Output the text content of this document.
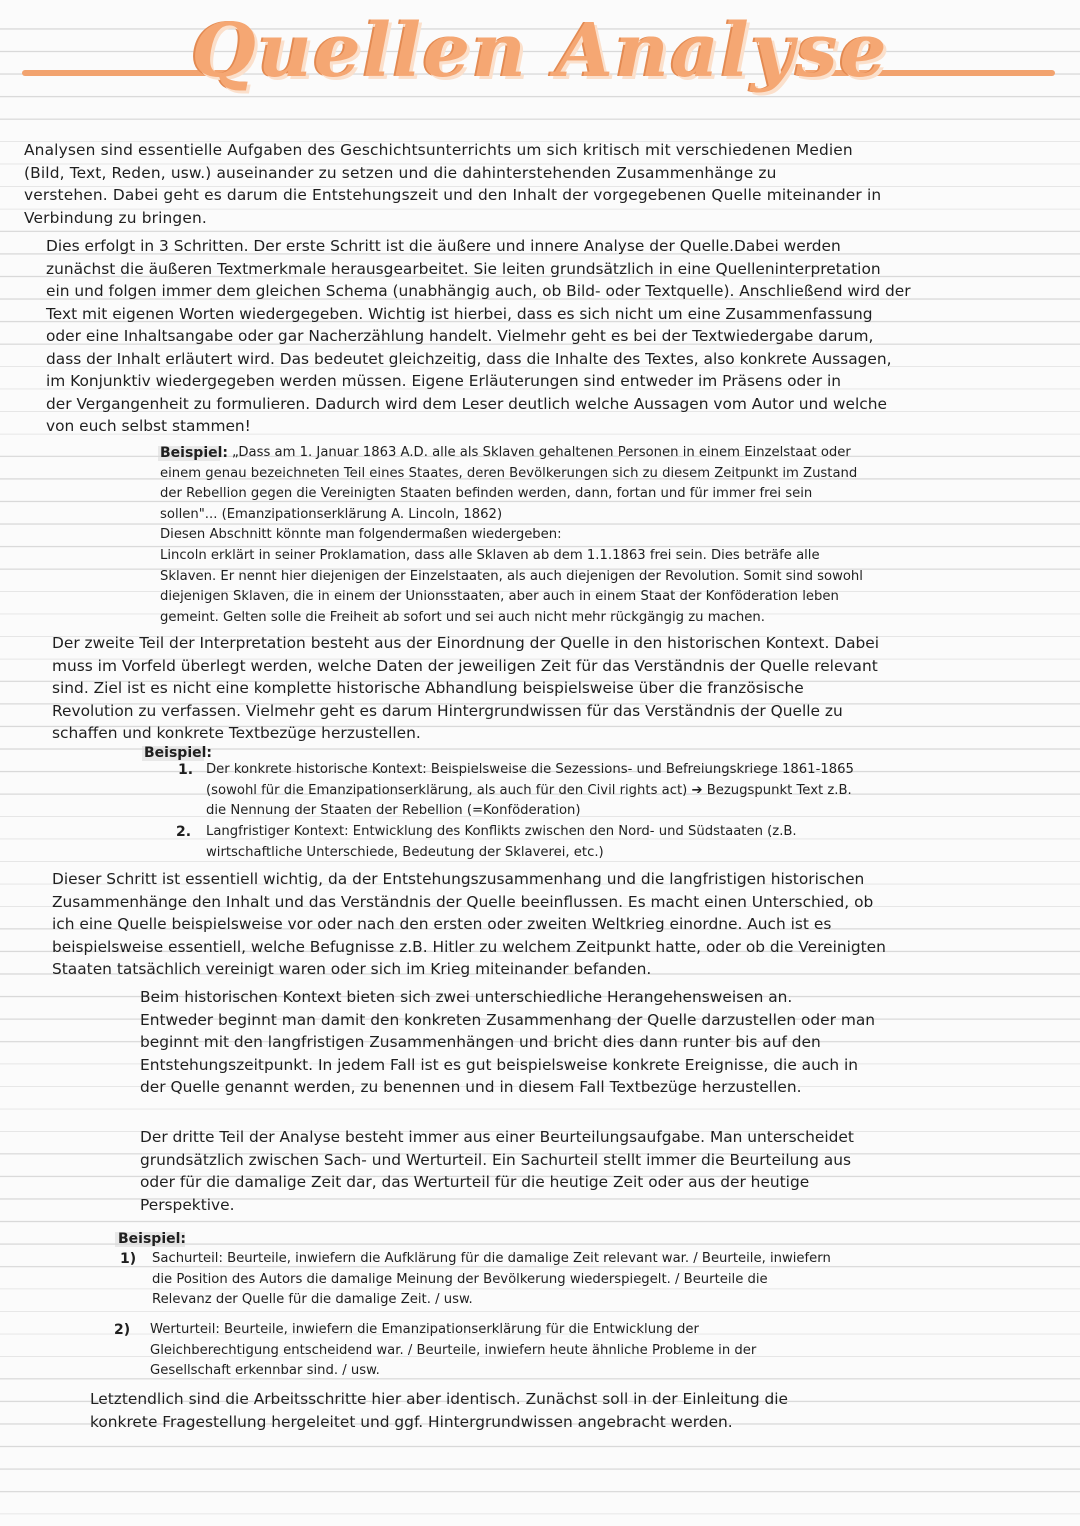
Quellen Analyse

Analysen sind essentielle Aufgaben des Geschichtsunterrichts um sich kritisch mit verschiedenen Medien
(Bild, Text, Reden, usw.) auseinander zu setzen und die dahinterstehenden Zusammenhänge zu
verstehen. Dabei geht es darum die Entstehungszeit und den Inhalt der vorgegebenen Quelle miteinander in
Verbindung zu bringen.

Dies erfolgt in 3 Schritten. Der erste Schritt ist die äußere und innere Analyse der Quelle.Dabei werden
zunächst die äußeren Textmerkmale herausgearbeitet. Sie leiten grundsätzlich in eine Quelleninterpretation
ein und folgen immer dem gleichen Schema (unabhängig auch, ob Bild- oder Textquelle). Anschließend wird der
Text mit eigenen Worten wiedergegeben. Wichtig ist hierbei, dass es sich nicht um eine Zusammenfassung
oder eine Inhaltsangabe oder gar Nacherzählung handelt. Vielmehr geht es bei der Textwiedergabe darum,
dass der Inhalt erläutert wird. Das bedeutet gleichzeitig, dass die Inhalte des Textes, also konkrete Aussagen,
im Konjunktiv wiedergegeben werden müssen. Eigene Erläuterungen sind entweder im Präsens oder in
der Vergangenheit zu formulieren. Dadurch wird dem Leser deutlich welche Aussagen vom Autor und welche
von euch selbst stammen!

Beispiel: „Dass am 1. Januar 1863 A.D. alle als Sklaven gehaltenen Personen in einem Einzelstaat oder
einem genau bezeichneten Teil eines Staates, deren Bevölkerungen sich zu diesem Zeitpunkt im Zustand
der Rebellion gegen die Vereinigten Staaten befinden werden, dann, fortan und für immer frei sein
sollen"... (Emanzipationserklärung A. Lincoln, 1862)
Diesen Abschnitt könnte man folgendermaßen wiedergeben:
Lincoln erklärt in seiner Proklamation, dass alle Sklaven ab dem 1.1.1863 frei sein. Dies beträfe alle
Sklaven. Er nennt hier diejenigen der Einzelstaaten, als auch diejenigen der Revolution. Somit sind sowohl
diejenigen Sklaven, die in einem der Unionsstaaten, aber auch in einem Staat der Konföderation leben
gemeint. Gelten solle die Freiheit ab sofort und sei auch nicht mehr rückgängig zu machen.

Der zweite Teil der Interpretation besteht aus der Einordnung der Quelle in den historischen Kontext. Dabei
muss im Vorfeld überlegt werden, welche Daten der jeweiligen Zeit für das Verständnis der Quelle relevant
sind. Ziel ist es nicht eine komplette historische Abhandlung beispielsweise über die französische
Revolution zu verfassen. Vielmehr geht es darum Hintergrundwissen für das Verständnis der Quelle zu
schaffen und konkrete Textbezüge herzustellen.

Beispiel:

1. Der konkrete historische Kontext: Beispielsweise die Sezessions- und Befreiungskriege 1861-1865
(sowohl für die Emanzipationserklärung, als auch für den Civil rights act) ➔ Bezugspunkt Text z.B.
die Nennung der Staaten der Rebellion (=Konföderation)

2. Langfristiger Kontext: Entwicklung des Konflikts zwischen den Nord- und Südstaaten (z.B.
wirtschaftliche Unterschiede, Bedeutung der Sklaverei, etc.)

Dieser Schritt ist essentiell wichtig, da der Entstehungszusammenhang und die langfristigen historischen
Zusammenhänge den Inhalt und das Verständnis der Quelle beeinflussen. Es macht einen Unterschied, ob
ich eine Quelle beispielsweise vor oder nach den ersten oder zweiten Weltkrieg einordne. Auch ist es
beispielsweise essentiell, welche Befugnisse z.B. Hitler zu welchem Zeitpunkt hatte, oder ob die Vereinigten
Staaten tatsächlich vereinigt waren oder sich im Krieg miteinander befanden.

Beim historischen Kontext bieten sich zwei unterschiedliche Herangehensweisen an.
Entweder beginnt man damit den konkreten Zusammenhang der Quelle darzustellen oder man
beginnt mit den langfristigen Zusammenhängen und bricht dies dann runter bis auf den
Entstehungszeitpunkt. In jedem Fall ist es gut beispielsweise konkrete Ereignisse, die auch in
der Quelle genannt werden, zu benennen und in diesem Fall Textbezüge herzustellen.

Der dritte Teil der Analyse besteht immer aus einer Beurteilungsaufgabe. Man unterscheidet
grundsätzlich zwischen Sach- und Werturteil. Ein Sachurteil stellt immer die Beurteilung aus
oder für die damalige Zeit dar, das Werturteil für die heutige Zeit oder aus der heutige
Perspektive.

Beispiel:

1) Sachurteil: Beurteile, inwiefern die Aufklärung für die damalige Zeit relevant war. / Beurteile, inwiefern
die Position des Autors die damalige Meinung der Bevölkerung wiederspiegelt. / Beurteile die
Relevanz der Quelle für die damalige Zeit. / usw.

2) Werturteil: Beurteile, inwiefern die Emanzipationserklärung für die Entwicklung der
Gleichberechtigung entscheidend war. / Beurteile, inwiefern heute ähnliche Probleme in der
Gesellschaft erkennbar sind. / usw.

Letztendlich sind die Arbeitsschritte hier aber identisch. Zunächst soll in der Einleitung die
konkrete Fragestellung hergeleitet und ggf. Hintergrundwissen angebracht werden.
